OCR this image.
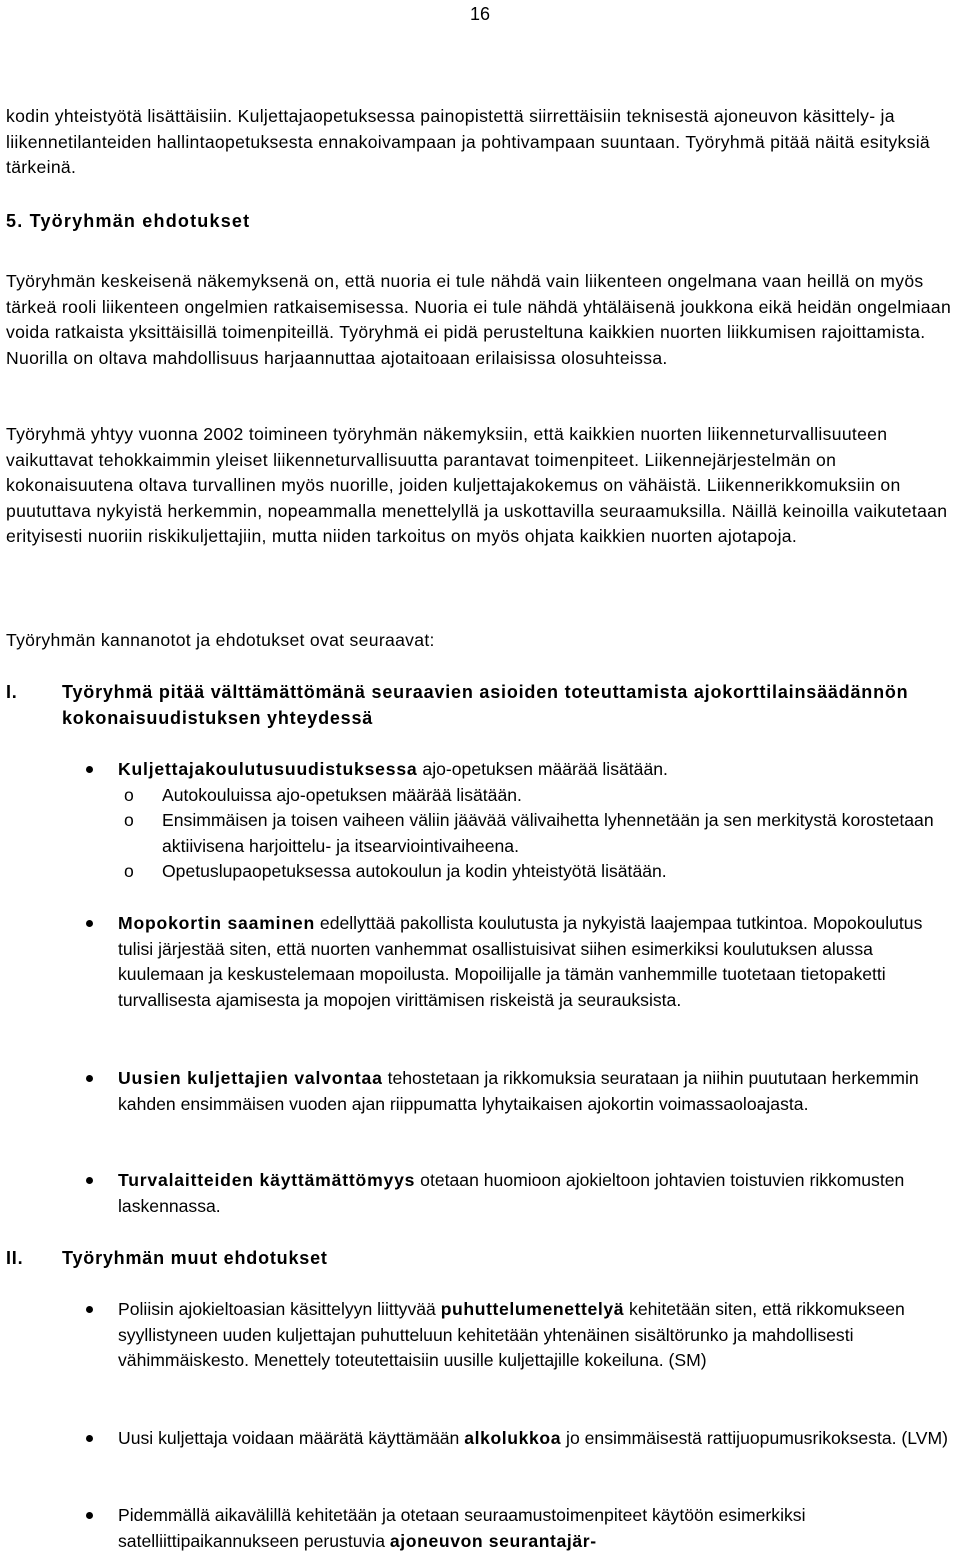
16

kodin yhteistyötä lisättäisiin. Kuljettajaopetuksessa painopistettä siirrettäisiin teknisestä ajoneuvon käsittely- ja liikennetilanteiden hallintaopetuksesta ennakoivampaan ja pohtivampaan suuntaan. Työryhmä pitää näitä esityksiä tärkeinä.

5. Työryhmän ehdotukset

Työryhmän keskeisenä näkemyksenä on, että nuoria ei tule nähdä vain liikenteen ongelmana vaan heillä on myös tärkeä rooli liikenteen ongelmien ratkaisemisessa. Nuoria ei tule nähdä yhtäläisenä joukkona eikä heidän ongelmiaan voida ratkaista yksittäisillä toimenpiteillä. Työryhmä ei pidä perusteltuna kaikkien nuorten liikkumisen rajoittamista. Nuorilla on oltava mahdollisuus harjaannuttaa ajotaitoaan erilaisissa olosuhteissa.

Työryhmä yhtyy vuonna 2002 toimineen työryhmän näkemyksiin, että kaikkien nuorten liikenneturvallisuuteen vaikuttavat tehokkaimmin yleiset liikenneturvallisuutta parantavat toimenpiteet. Liikennejärjestelmän on kokonaisuutena oltava turvallinen myös nuorille, joiden kuljettajakokemus on vähäistä. Liikennerikkomuksiin on puututtava nykyistä herkemmin, nopeammalla menettelyllä ja uskottavilla seuraamuksilla. Näillä keinoilla vaikutetaan erityisesti nuoriin riskikuljettajiin, mutta niiden tarkoitus on myös ohjata kaikkien nuorten ajotapoja.

Työryhmän kannanotot ja ehdotukset ovat seuraavat:

I.	Työryhmä pitää välttämättömänä seuraavien asioiden toteuttamista ajokorttilainsäädännön kokonaisuudistuksen yhteydessä
Kuljettajakoulutusuudistuksessa ajo-opetuksen määrää lisätään.
o	Autokouluissa ajo-opetuksen määrää lisätään.
o	Ensimmäisen ja toisen vaiheen väliin jäävää välivaihetta lyhennetään ja sen merkitystä korostetaan aktiivisena harjoittelu- ja itsearviointivaiheena.
o	Opetuslupaopetuksessa autokoulun ja kodin yhteistyötä lisätään.
Mopokortin saaminen edellyttää pakollista koulutusta ja nykyistä laajempaa tutkintoa. Mopokoulutus tulisi järjestää siten, että nuorten vanhemmat osallistuisivat siihen esimerkiksi koulutuksen alussa kuulemaan ja keskustelemaan mopoilusta. Mopoilijalle ja tämän vanhemmille tuotetaan tietopaketti turvallisesta ajamisesta ja mopojen virittämisen riskeistä ja seurauksista.
Uusien kuljettajien valvontaa tehostetaan ja rikkomuksia seurataan ja niihin puututaan herkemmin kahden ensimmäisen vuoden ajan riippumatta lyhytaikaisen ajokortin voimassaoloajasta.
Turvalaitteiden käyttämättömyys otetaan huomioon ajokieltoon johtavien toistuvien rikkomusten laskennassa.
II.	Työryhmän muut ehdotukset
Poliisin ajokieltoasian käsittelyyn liittyvää puhuttelumenettelyä kehitetään siten, että rikkomukseen syyllistyneen uuden kuljettajan puhutteluun kehitetään yhtenäinen sisältörunko ja mahdollisesti vähimmäiskesto. Menettely toteutettaisiin uusille kuljettajille kokeiluna. (SM)
Uusi kuljettaja voidaan määrätä käyttämään alkolukkoa jo ensimmäisestä rattijuopumusrikoksesta. (LVM)
Pidemmällä aikavälillä kehitetään ja otetaan seuraamustoimenpiteet käytöön esimerkiksi satelliittipaikannukseen perustuvia ajoneuvon seurantajär-
